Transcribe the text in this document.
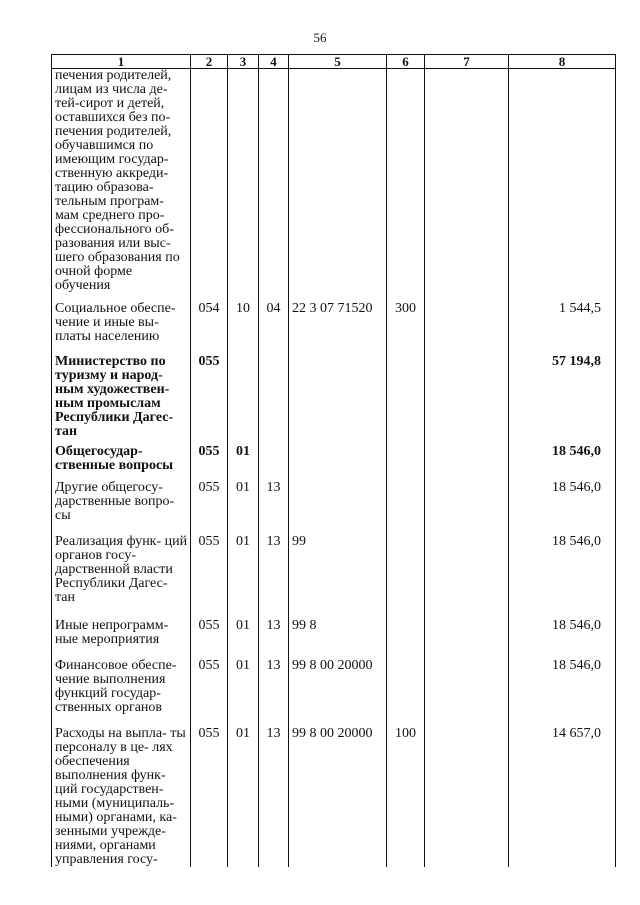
56
1	2	3	4	5	6	7	8
печения родителей, лицам из числа де- тей-сирот и детей, оставшихся без по- печения родителей, обучавшимся по имеющим государ- ственную аккреди- тацию образова- тельным програм- мам среднего про- фессионального об- разования или выс- шего образования по очной форме обучения							
Социальное обеспе- чение и иные вы- платы населению	054	10	04	22 3 07 71520	300		1 544,5
Министерство по туризму и народ- ным художествен- ным промыслам Республики Дагес- тан	055						57 194,8
Общегосудар- ственные вопросы	055	01					18 546,0
Другие общегосу- дарственные вопро- сы	055	01	13				18 546,0
Реализация функ- ций органов госу- дарственной власти Республики Дагес- тан	055	01	13	99			18 546,0
Иные непрограмм- ные мероприятия	055	01	13	99 8			18 546,0
Финансовое обеспе- чение выполнения функций государ- ственных органов	055	01	13	99 8 00 20000			18 546,0
Расходы на выпла- ты персоналу в це- лях обеспечения выполнения функ- ций государствен- ными (муниципаль- ными) органами, ка- зенными учрежде- ниями, органами управления госу-	055	01	13	99 8 00 20000	100		14 657,0
